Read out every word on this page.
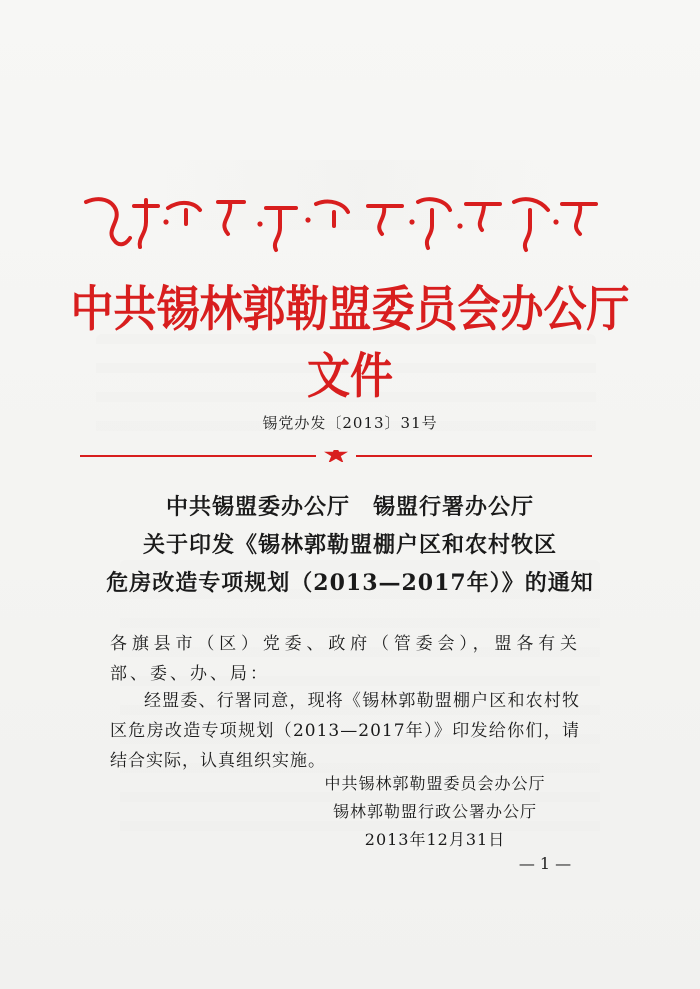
中共锡林郭勒盟委员会办公厅文件
锡党办发〔2013〕31号
中共锡盟委办公厅　锡盟行署办公厅
关于印发《锡林郭勒盟棚户区和农村牧区
危房改造专项规划（2013—2017年）》的通知
各旗县市（区）党委、政府（管委会），盟各有关部、委、办、局：
经盟委、行署同意，现将《锡林郭勒盟棚户区和农村牧区危房改造专项规划（2013—2017年）》印发给你们，请结合实际，认真组织实施。
中共锡林郭勒盟委员会办公厅
锡林郭勒盟行政公署办公厅
2013年12月31日
— 1 —
